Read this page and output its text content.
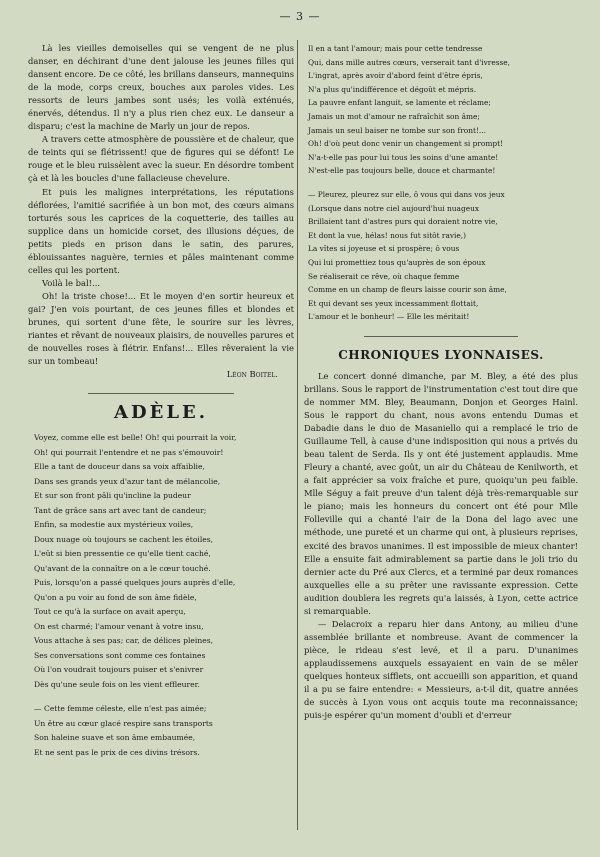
— 3 —

Là les vieilles demoiselles qui se vengent de ne plus danser, en déchirant d'une dent jalouse les jeunes filles qui dansent encore. De ce côté, les brillans danseurs, mannequins de la mode, corps creux, bouches aux paroles vides. Les ressorts de leurs jambes sont usés; les voilà exténués, énervés, détendus. Il n'y a plus rien chez eux. Le danseur a disparu; c'est la machine de Marly un jour de repos.

A travers cette atmosphère de poussière et de chaleur, que de teints qui se flétrissent! que de figures qui se défont! Le rouge et le bleu ruissèlent avec la sueur. En désordre tombent çà et là les boucles d'une fallacieuse chevelure.

Et puis les malignes interprétations, les réputations déflorées, l'amitié sacrifiée à un bon mot, des cœurs aimans torturés sous les caprices de la coquetterie, des tailles au supplice dans un homicide corset, des illusions déçues, de petits pieds en prison dans le satin, des parures, éblouissantes naguère, ternies et pâles maintenant comme celles qui les portent.

Voilà le bal!...

Oh! la triste chose!... Et le moyen d'en sortir heureux et gai? J'en vois pourtant, de ces jeunes filles et blondes et brunes, qui sortent d'une fête, le sourire sur les lèvres, riantes et rêvant de nouveaux plaisirs, de nouvelles parures et de nouvelles roses à flétrir. Enfans!... Elles rêveraient la vie sur un tombeau!

Léon Boitel.

ADÈLE.
Voyez, comme elle est belle! Oh! qui pourrait la voir,
Oh! qui pourrait l'entendre et ne pas s'émouvoir!
Elle a tant de douceur dans sa voix affaiblie,
Dans ses grands yeux d'azur tant de mélancolie,
Et sur son front pâli qu'incline la pudeur
Tant de grâce sans art avec tant de candeur;
Enfin, sa modestie aux mystérieux voiles,
Doux nuage où toujours se cachent les étoiles,
L'eût si bien pressentie ce qu'elle tient caché,
Qu'avant de la connaître on a le cœur touché.
Puis, lorsqu'on a passé quelques jours auprès d'elle,
Qu'on a pu voir au fond de son âme fidèle,
Tout ce qu'à la surface on avait aperçu,
On est charmé; l'amour venant à votre insu,
Vous attache à ses pas; car, de délices pleines,
Ses conversations sont comme ces fontaines
Où l'on voudrait toujours puiser et s'enivrer
Dès qu'une seule fois on les vient effleurer.
— Cette femme céleste, elle n'est pas aimée;
Un être au cœur glacé respire sans transports
Son haleine suave et son âme embaumée,
Et ne sent pas le prix de ces divins trésors.
Il en a tant l'amour; mais pour cette tendresse
Qui, dans mille autres cœurs, verserait tant d'ivresse,
L'ingrat, après avoir d'abord feint d'être épris,
N'a plus qu'indifférence et dégoût et mépris.
La pauvre enfant languit, se lamente et réclame;
Jamais un mot d'amour ne rafraîchit son âme;
Jamais un seul baiser ne tombe sur son front!...
Oh! d'où peut donc venir un changement si prompt!
N'a-t-elle pas pour lui tous les soins d'une amante!
N'est-elle pas toujours belle, douce et charmante!
— Pleurez, pleurez sur elle, ô vous qui dans vos jeux
(Lorsque dans notre ciel aujourd'hui nuageux
Brillaient tant d'astres purs qui doraient notre vie,
Et dont la vue, hélas! nous fut sitôt ravie,)
La vîtes si joyeuse et si prospère; ô vous
Qui lui promettiez tous qu'auprès de son époux
Se réaliserait ce rêve, où chaque femme
Comme en un champ de fleurs laisse courir son âme,
Et qui devant ses yeux incessamment flottait,
L'amour et le bonheur! — Elle les méritait!
CHRONIQUES LYONNAISES.

Le concert donné dimanche, par M. Bley, a été des plus brillans. Sous le rapport de l'instrumentation c'est tout dire que de nommer MM. Bley, Beaumann, Donjon et Georges Hainl. Sous le rapport du chant, nous avons entendu Dumas et Dabadie dans le duo de Masaniello qui a remplacé le trio de Guillaume Tell, à cause d'une indisposition qui nous a privés du beau talent de Serda. Ils y ont été justement applaudis. Mme Fleury a chanté, avec goût, un air du Château de Kenilworth, et a fait apprécier sa voix fraîche et pure, quoiqu'un peu faible. Mlle Séguy a fait preuve d'un talent déjà très-remarquable sur le piano; mais les honneurs du concert ont été pour Mlle Folleville qui a chanté l'air de la Dona del lago avec une méthode, une pureté et un charme qui ont, à plusieurs reprises, excité des bravos unanimes. Il est impossible de mieux chanter! Elle a ensuite fait admirablement sa partie dans le joli trio du dernier acte du Pré aux Clercs, et a terminé par deux romances auxquelles elle a su prêter une ravissante expression. Cette audition doublera les regrets qu'a laissés, à Lyon, cette actrice si remarquable.

— Delacroix a reparu hier dans Antony, au milieu d'une assemblée brillante et nombreuse. Avant de commencer la pièce, le rideau s'est levé, et il a paru. D'unanimes applaudissemens auxquels essayaient en vain de se mêler quelques honteux sifflets, ont accueilli son apparition, et quand il a pu se faire entendre: « Messieurs, a-t-il dit, quatre années de succès à Lyon vous ont acquis toute ma reconnaissance; puis-je espérer qu'un moment d'oubli et d'erreur
